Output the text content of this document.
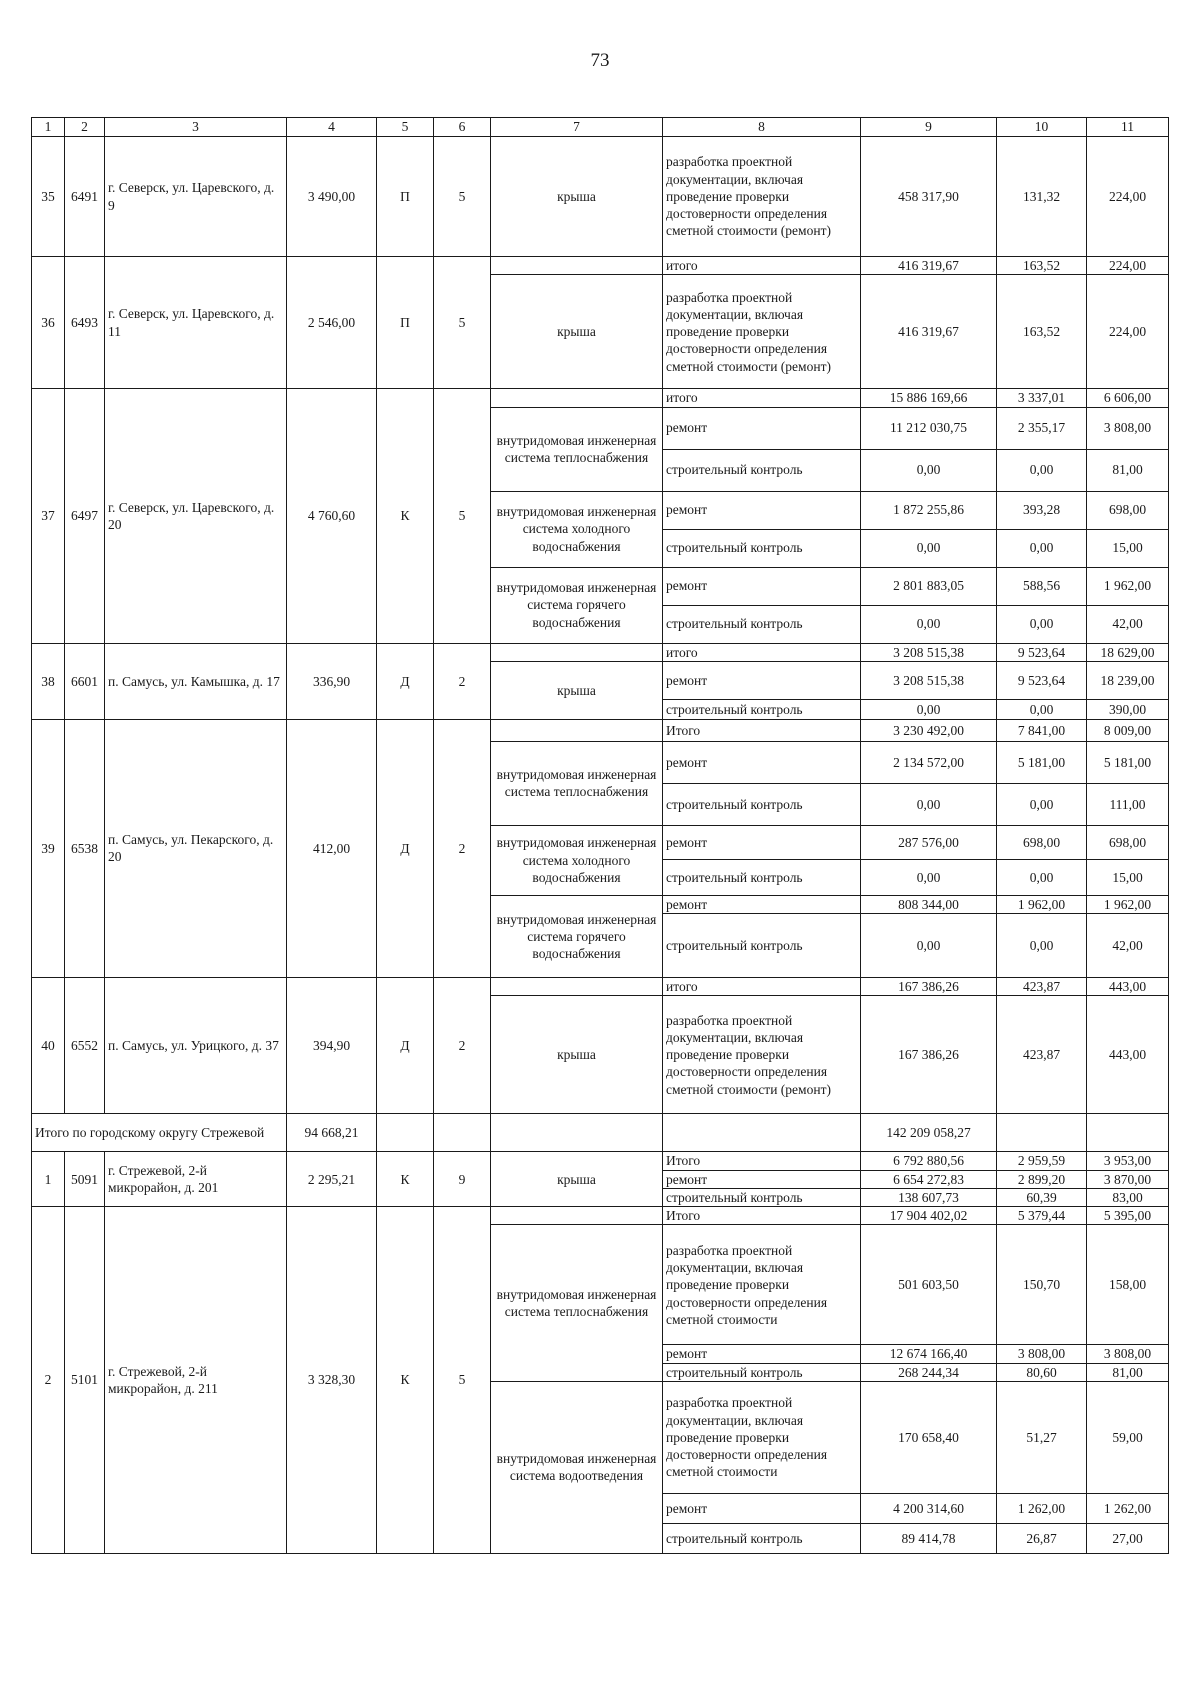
73
1	2	3	4	5	6	7	8	9	10	11
35	6491	г. Северск, ул. Царевского, д. 9	3 490,00	П	5	крыша	разработка проектной документации, включая проведение проверки достоверности определения сметной стоимости (ремонт)	458 317,90	131,32	224,00
36	6493	г. Северск, ул. Царевского, д. 11	2 546,00	П	5		итого	416 319,67	163,52	224,00
						крыша	разработка проектной документации, включая проведение проверки достоверности определения сметной стоимости (ремонт)	416 319,67	163,52	224,00
37	6497	г. Северск, ул. Царевского, д. 20	4 760,60	К	5		итого	15 886 169,66	3 337,01	6 606,00
						внутридомовая инженерная система теплоснабжения	ремонт	11 212 030,75	2 355,17	3 808,00
							строительный контроль	0,00	0,00	81,00
						внутридомовая инженерная система холодного водоснабжения	ремонт	1 872 255,86	393,28	698,00
							строительный контроль	0,00	0,00	15,00
						внутридомовая инженерная система горячего водоснабжения	ремонт	2 801 883,05	588,56	1 962,00
							строительный контроль	0,00	0,00	42,00
38	6601	п. Самусь, ул. Камышка, д. 17	336,90	Д	2		итого	3 208 515,38	9 523,64	18 629,00
						крыша	ремонт	3 208 515,38	9 523,64	18 239,00
							строительный контроль	0,00	0,00	390,00
39	6538	п. Самусь, ул. Пекарского, д. 20	412,00	Д	2		Итого	3 230 492,00	7 841,00	8 009,00
						внутридомовая инженерная система теплоснабжения	ремонт	2 134 572,00	5 181,00	5 181,00
							строительный контроль	0,00	0,00	111,00
						внутридомовая инженерная система холодного водоснабжения	ремонт	287 576,00	698,00	698,00
							строительный контроль	0,00	0,00	15,00
						внутридомовая инженерная система горячего водоснабжения	ремонт	808 344,00	1 962,00	1 962,00
							строительный контроль	0,00	0,00	42,00
40	6552	п. Самусь, ул. Урицкого, д. 37	394,90	Д	2		итого	167 386,26	423,87	443,00
						крыша	разработка проектной документации, включая проведение проверки достоверности определения сметной стоимости (ремонт)	167 386,26	423,87	443,00
Итого по городскому округу Стрежевой			94 668,21					142 209 058,27		
1	5091	г. Стрежевой, 2-й микрорайон, д. 201	2 295,21	К	9	крыша	Итого	6 792 880,56	2 959,59	3 953,00
							ремонт	6 654 272,83	2 899,20	3 870,00
							строительный контроль	138 607,73	60,39	83,00
2	5101	г. Стрежевой, 2-й микрорайон, д. 211	3 328,30	К	5		Итого	17 904 402,02	5 379,44	5 395,00
						внутридомовая инженерная система теплоснабжения	разработка проектной документации, включая проведение проверки достоверности определения сметной стоимости	501 603,50	150,70	158,00
							ремонт	12 674 166,40	3 808,00	3 808,00
							строительный контроль	268 244,34	80,60	81,00
						внутридомовая инженерная система водоотведения	разработка проектной документации, включая проведение проверки достоверности определения сметной стоимости	170 658,40	51,27	59,00
							ремонт	4 200 314,60	1 262,00	1 262,00
							строительный контроль	89 414,78	26,87	27,00
